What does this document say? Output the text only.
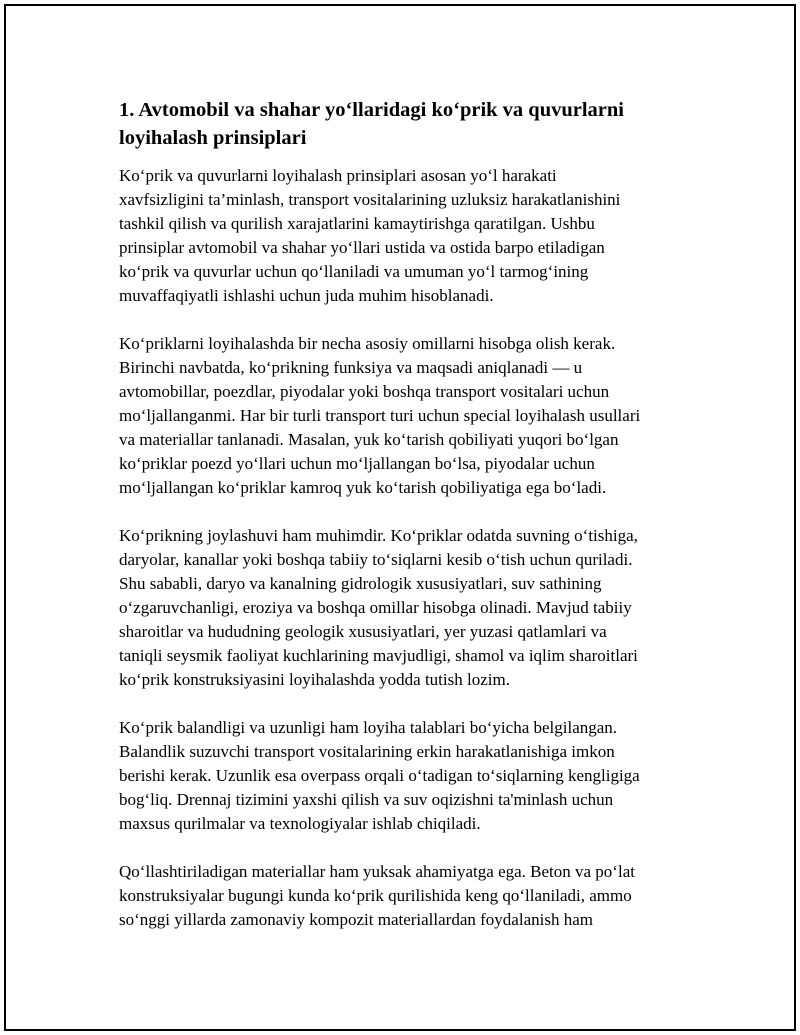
1. Avtomobil va shahar yo‘llaridagi ko‘prik va quvurlarni
loyihalash prinsiplari

Ko‘prik va quvurlarni loyihalash prinsiplari asosan yo‘l harakati
xavfsizligini ta’minlash, transport vositalarining uzluksiz harakatlanishini
tashkil qilish va qurilish xarajatlarini kamaytirishga qaratilgan. Ushbu
prinsiplar avtomobil va shahar yo‘llari ustida va ostida barpo etiladigan
ko‘prik va quvurlar uchun qo‘llaniladi va umuman yo‘l tarmog‘ining
muvaffaqiyatli ishlashi uchun juda muhim hisoblanadi.

Ko‘priklarni loyihalashda bir necha asosiy omillarni hisobga olish kerak.
Birinchi navbatda, ko‘prikning funksiya va maqsadi aniqlanadi — u
avtomobillar, poezdlar, piyodalar yoki boshqa transport vositalari uchun
mo‘ljallanganmi. Har bir turli transport turi uchun special loyihalash usullari
va materiallar tanlanadi. Masalan, yuk ko‘tarish qobiliyati yuqori bo‘lgan
ko‘priklar poezd yo‘llari uchun mo‘ljallangan bo‘lsa, piyodalar uchun
mo‘ljallangan ko‘priklar kamroq yuk ko‘tarish qobiliyatiga ega bo‘ladi.

Ko‘prikning joylashuvi ham muhimdir. Ko‘priklar odatda suvning o‘tishiga,
daryolar, kanallar yoki boshqa tabiiy to‘siqlarni kesib o‘tish uchun quriladi.
Shu sababli, daryo va kanalning gidrologik xususiyatlari, suv sathining
o‘zgaruvchanligi, eroziya va boshqa omillar hisobga olinadi. Mavjud tabiiy
sharoitlar va hududning geologik xususiyatlari, yer yuzasi qatlamlari va
taniqli seysmik faoliyat kuchlarining mavjudligi, shamol va iqlim sharoitlari
ko‘prik konstruksiyasini loyihalashda yodda tutish lozim.

Ko‘prik balandligi va uzunligi ham loyiha talablari bo‘yicha belgilangan.
Balandlik suzuvchi transport vositalarining erkin harakatlanishiga imkon
berishi kerak. Uzunlik esa overpass orqali o‘tadigan to‘siqlarning kengligiga
bog‘liq. Drennaj tizimini yaxshi qilish va suv oqizishni ta'minlash uchun
maxsus qurilmalar va texnologiyalar ishlab chiqiladi.

Qo‘llashtiriladigan materiallar ham yuksak ahamiyatga ega. Beton va po‘lat
konstruksiyalar bugungi kunda ko‘prik qurilishida keng qo‘llaniladi, ammo
so‘nggi yillarda zamonaviy kompozit materiallardan foydalanish ham
